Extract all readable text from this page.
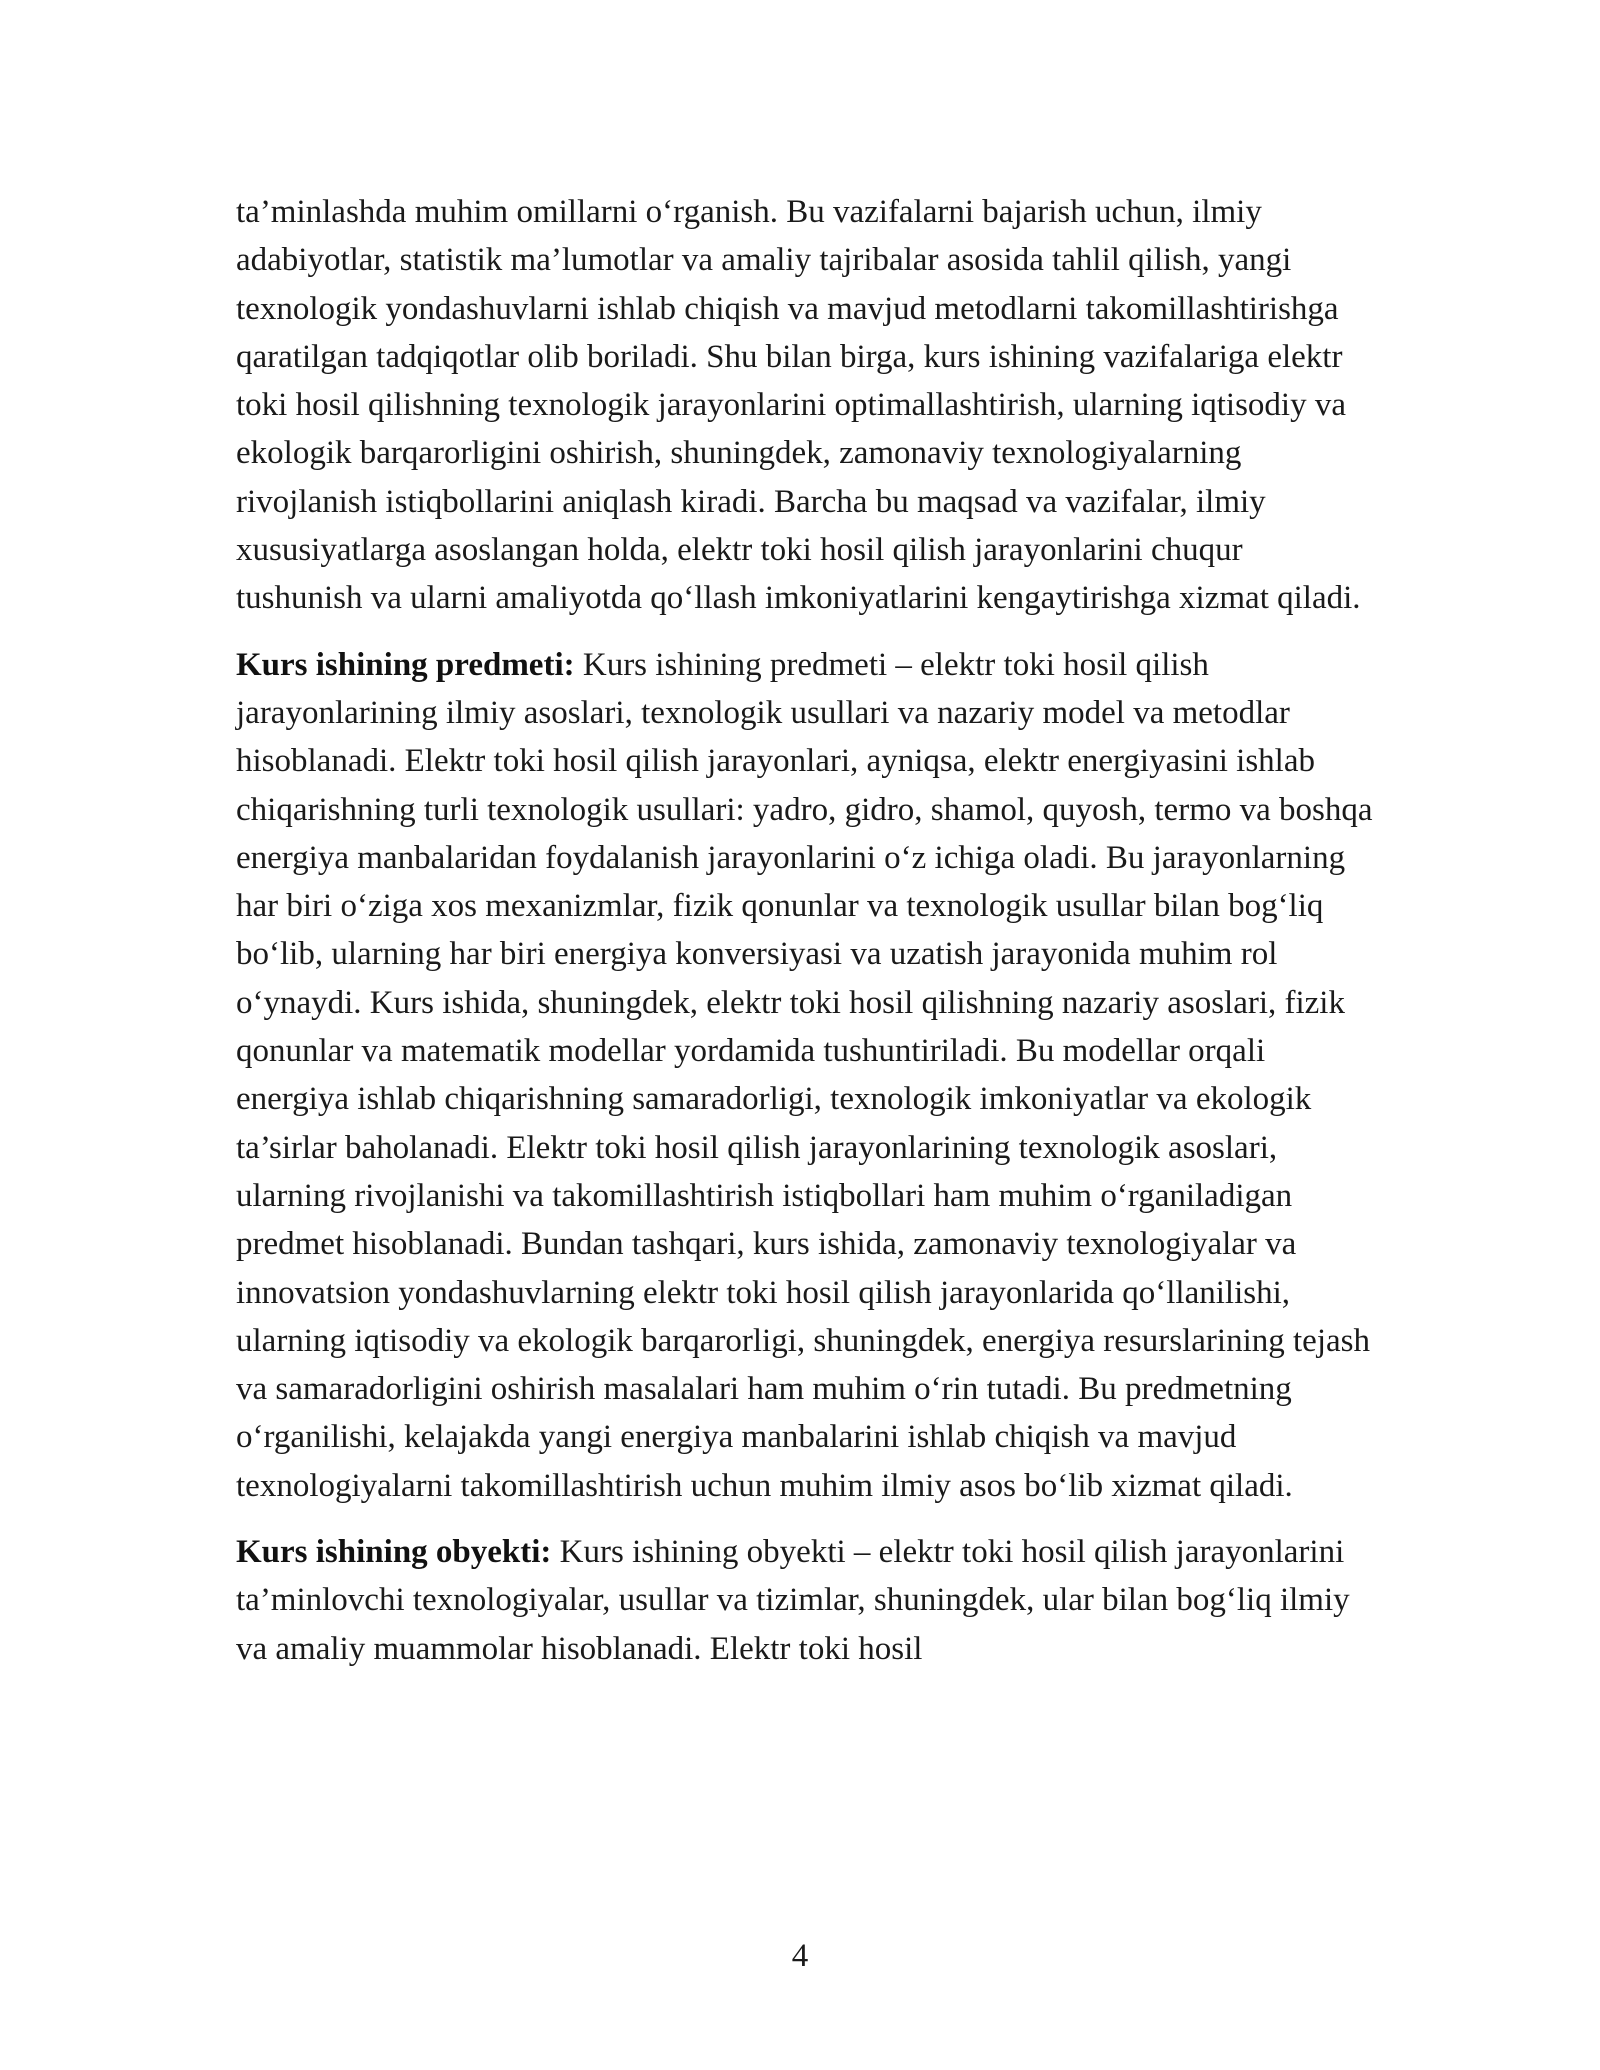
ta’minlashda muhim omillarni o‘rganish. Bu vazifalarni bajarish uchun, ilmiy adabiyotlar, statistik ma’lumotlar va amaliy tajribalar asosida tahlil qilish, yangi texnologik yondashuvlarni ishlab chiqish va mavjud metodlarni takomillashtirishga qaratilgan tadqiqotlar olib boriladi. Shu bilan birga, kurs ishining vazifalariga elektr toki hosil qilishning texnologik jarayonlarini optimallashtirish, ularning iqtisodiy va ekologik barqarorligini oshirish, shuningdek, zamonaviy texnologiyalarning rivojlanish istiqbollarini aniqlash kiradi. Barcha bu maqsad va vazifalar, ilmiy xususiyatlarga asoslangan holda, elektr toki hosil qilish jarayonlarini chuqur tushunish va ularni amaliyotda qo‘llash imkoniyatlarini kengaytirishga xizmat qiladi.

Kurs ishining predmeti: Kurs ishining predmeti – elektr toki hosil qilish jarayonlarining ilmiy asoslari, texnologik usullari va nazariy model va metodlar hisoblanadi. Elektr toki hosil qilish jarayonlari, ayniqsa, elektr energiyasini ishlab chiqarishning turli texnologik usullari: yadro, gidro, shamol, quyosh, termo va boshqa energiya manbalaridan foydalanish jarayonlarini o‘z ichiga oladi. Bu jarayonlarning har biri o‘ziga xos mexanizmlar, fizik qonunlar va texnologik usullar bilan bog‘liq bo‘lib, ularning har biri energiya konversiyasi va uzatish jarayonida muhim rol o‘ynaydi. Kurs ishida, shuningdek, elektr toki hosil qilishning nazariy asoslari, fizik qonunlar va matematik modellar yordamida tushuntiriladi. Bu modellar orqali energiya ishlab chiqarishning samaradorligi, texnologik imkoniyatlar va ekologik ta’sirlar baholanadi. Elektr toki hosil qilish jarayonlarining texnologik asoslari, ularning rivojlanishi va takomillashtirish istiqbollari ham muhim o‘rganiladigan predmet hisoblanadi. Bundan tashqari, kurs ishida, zamonaviy texnologiyalar va innovatsion yondashuvlarning elektr toki hosil qilish jarayonlarida qo‘llanilishi, ularning iqtisodiy va ekologik barqarorligi, shuningdek, energiya resurslarining tejash va samaradorligini oshirish masalalari ham muhim o‘rin tutadi. Bu predmetning o‘rganilishi, kelajakda yangi energiya manbalarini ishlab chiqish va mavjud texnologiyalarni takomillashtirish uchun muhim ilmiy asos bo‘lib xizmat qiladi.

Kurs ishining obyekti: Kurs ishining obyekti – elektr toki hosil qilish jarayonlarini ta’minlovchi texnologiyalar, usullar va tizimlar, shuningdek, ular bilan bog‘liq ilmiy va amaliy muammolar hisoblanadi. Elektr toki hosil

4
